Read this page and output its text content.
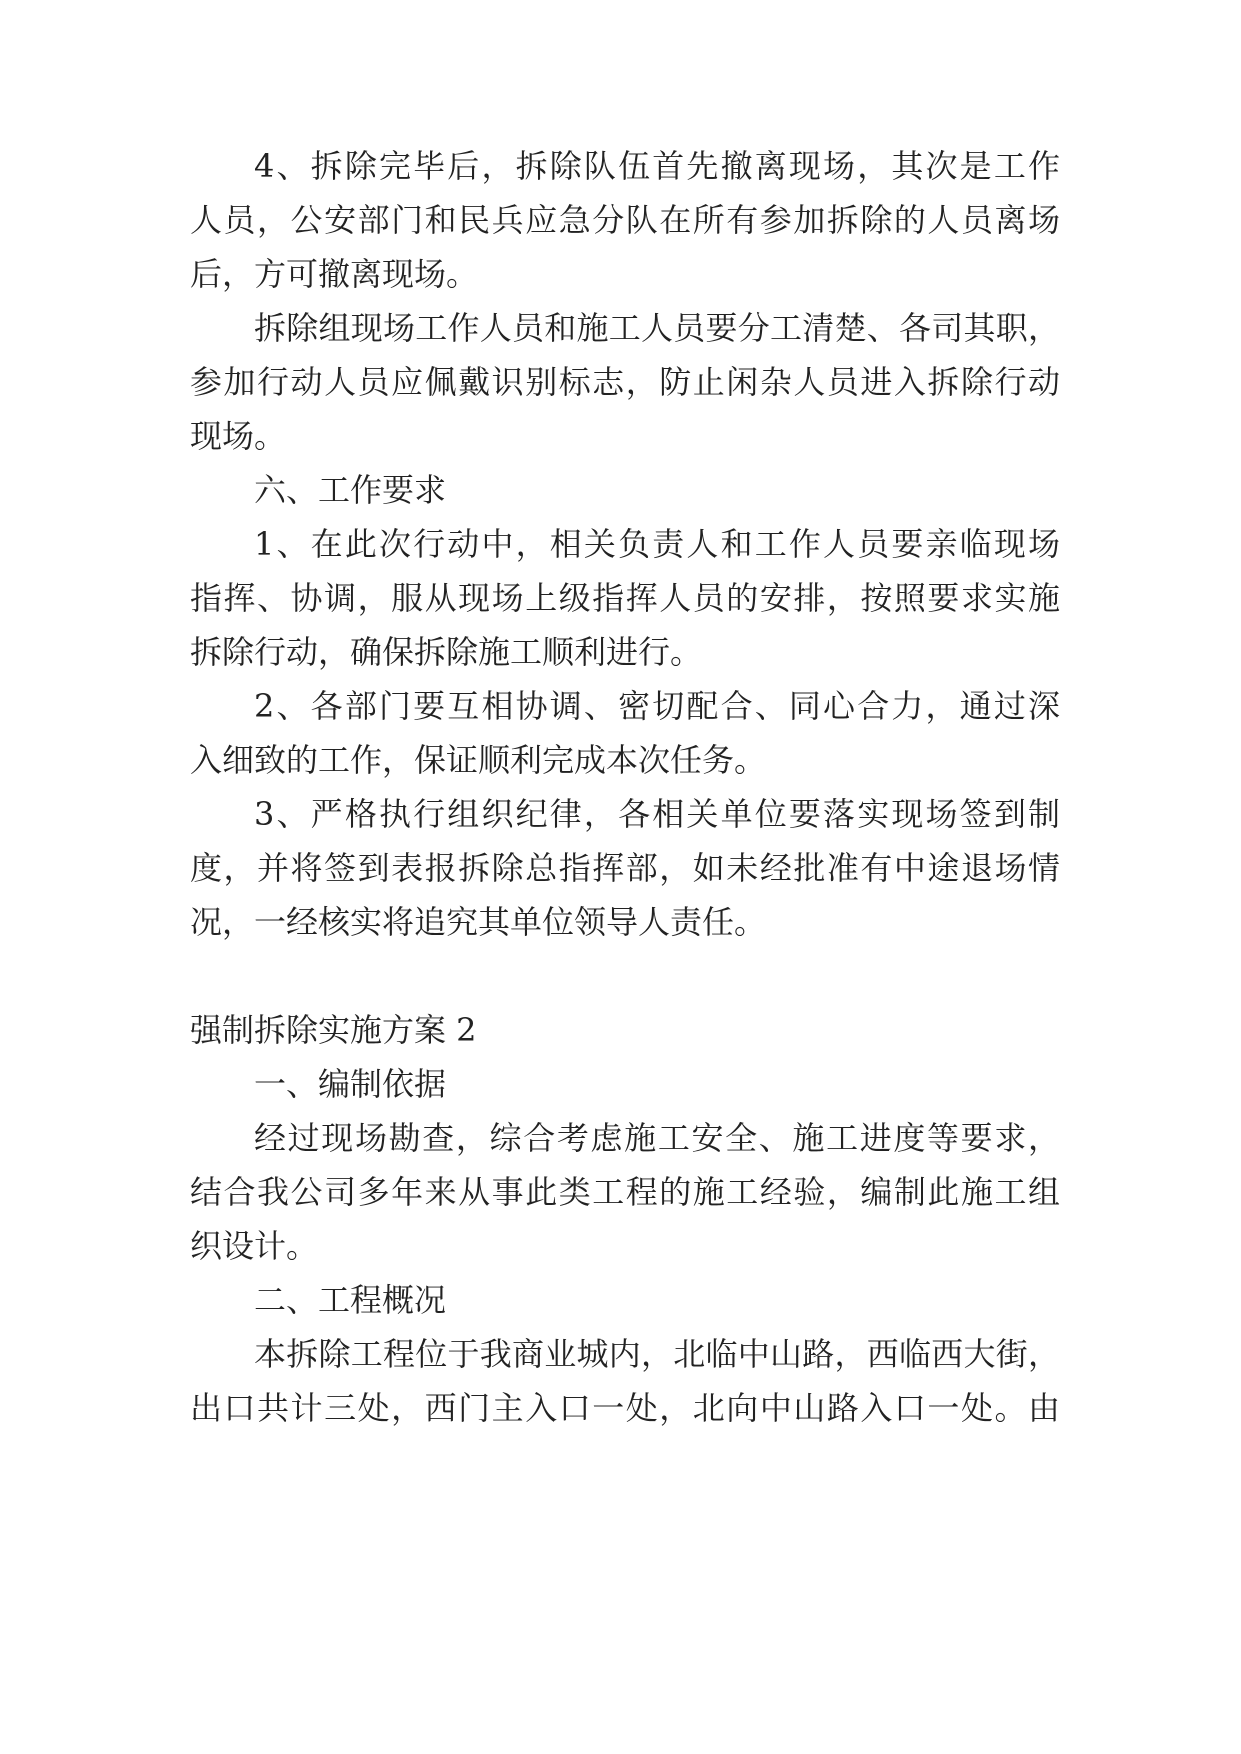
4、拆除完毕后，拆除队伍首先撤离现场，其次是工作
人员，公安部门和民兵应急分队在所有参加拆除的人员离场
后，方可撤离现场。
拆除组现场工作人员和施工人员要分工清楚、各司其职，
参加行动人员应佩戴识别标志，防止闲杂人员进入拆除行动
现场。
六、工作要求
1、在此次行动中，相关负责人和工作人员要亲临现场
指挥、协调，服从现场上级指挥人员的安排，按照要求实施
拆除行动，确保拆除施工顺利进行。
2、各部门要互相协调、密切配合、同心合力，通过深
入细致的工作，保证顺利完成本次任务。
3、严格执行组织纪律，各相关单位要落实现场签到制
度，并将签到表报拆除总指挥部，如未经批准有中途退场情
况，一经核实将追究其单位领导人责任。
强制拆除实施方案 2
一、编制依据
经过现场勘查，综合考虑施工安全、施工进度等要求，
结合我公司多年来从事此类工程的施工经验，编制此施工组
织设计。
二、工程概况
本拆除工程位于我商业城内，北临中山路，西临西大街，
出口共计三处，西门主入口一处，北向中山路入口一处。由
